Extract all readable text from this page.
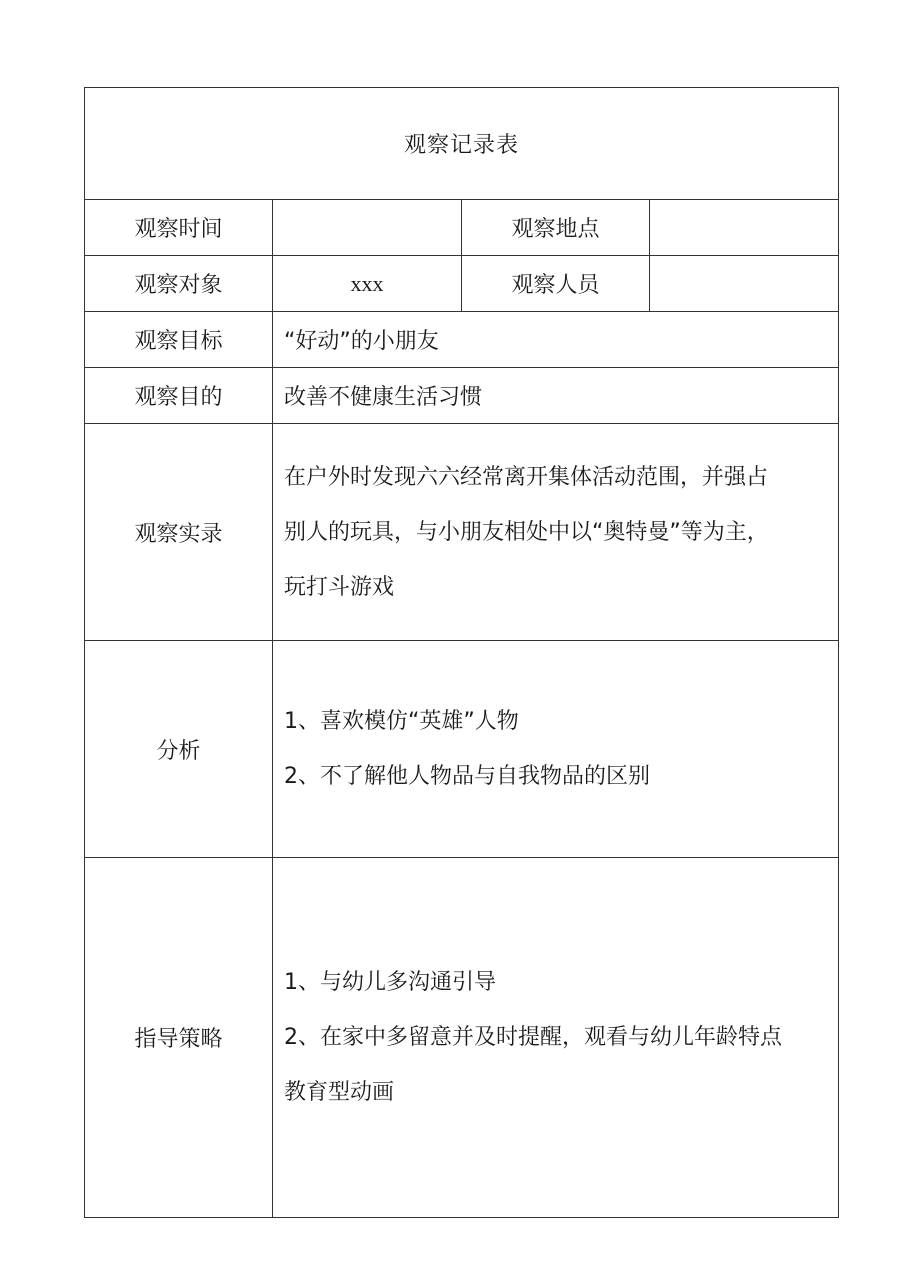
观察记录表			
观察时间		观察地点	
观察对象	xxx	观察人员	
观察目标	“好动”的小朋友		
观察目的	改善不健康生活习惯		
观察实录	在户外时发现六六经常离开集体活动范围，并强占

别人的玩具，与小朋友相处中以“奥特曼”等为主，

玩打斗游戏		

分析	1、喜欢模仿“英雄”人物

2、不了解他人物品与自我物品的区别		

指导策略	1、与幼儿多沟通引导

2、在家中多留意并及时提醒，观看与幼儿年龄特点

教育型动画		
